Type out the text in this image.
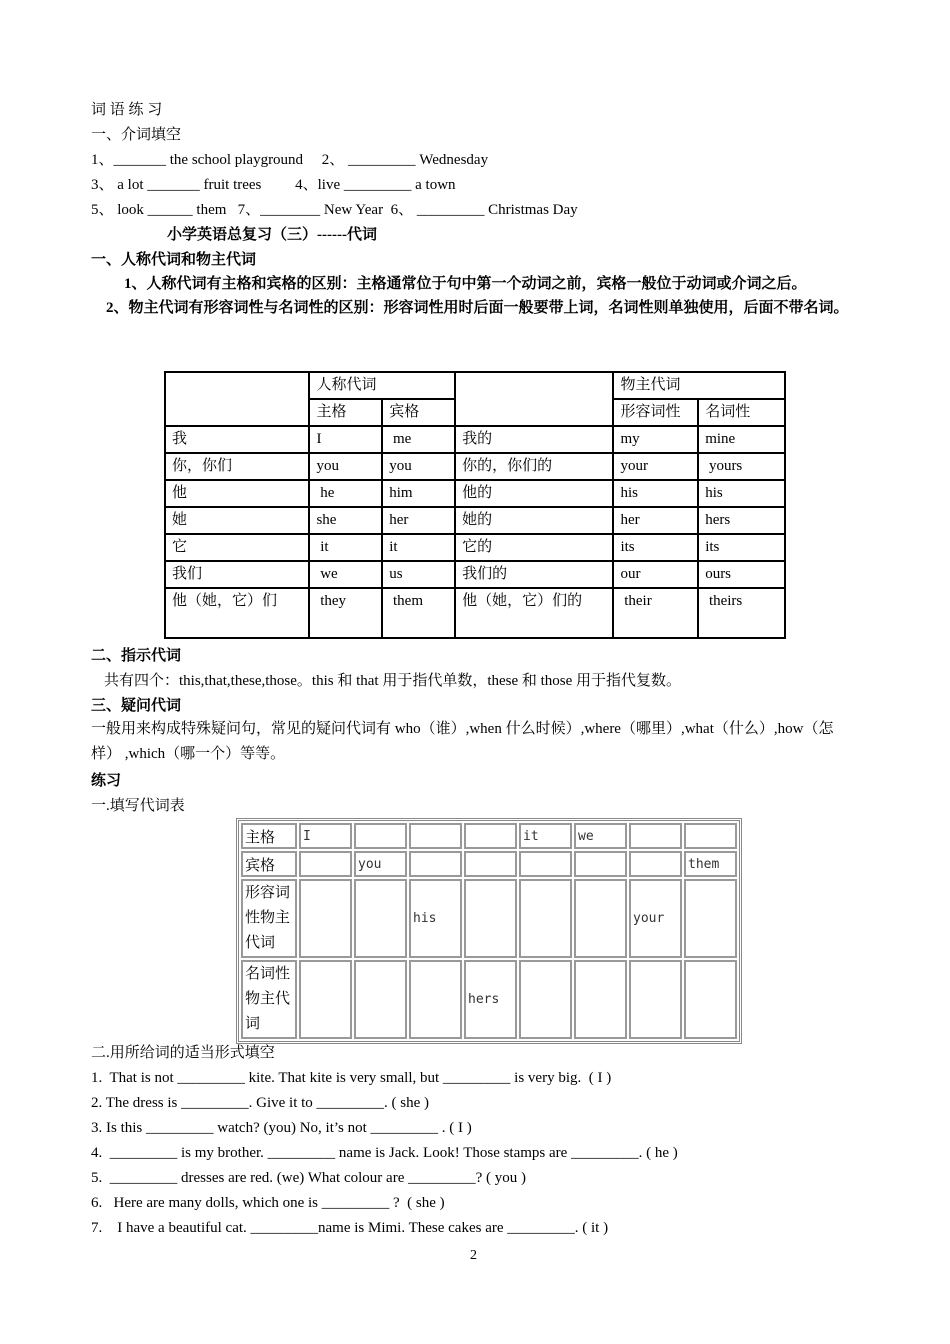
词 语 练 习
一、介词填空
1、_______ the school playground     2、 _________ Wednesday
3、 a lot _______ fruit trees         4、live _________ a town
5、 look ______ them   7、________ New Year  6、 _________ Christmas Day
小学英语总复习（三）------代词
一、人称代词和物主代词
1、人称代词有主格和宾格的区别：主格通常位于句中第一个动词之前，宾格一般位于动词或介词之后。
2、物主代词有形容词性与名词性的区别：形容词性用时后面一般要带上词，名词性则单独使用，后面不带名词。
	人称代词			物主代词	
	主格	宾格		形容词性	名词性
我	I	me	我的	my	mine
你，你们	you	you	你的，你们的	your	yours
他	he	him	他的	his	his
她	she	her	她的	her	hers
它	it	it	它的	its	its
我们	we	us	我们的	our	ours
他（她，它）们	they	them	他（她，它）们的	their	theirs
二、指示代词
共有四个：this,that,these,those。this 和 that 用于指代单数，these 和 those 用于指代复数。
三、疑问代词
一般用来构成特殊疑问句，常见的疑问代词有 who（谁）,when 什么时候）,where（哪里）,what（什么）,how（怎样） ,which（哪一个）等等。
练习
一.填写代词表
主格	I				it	we		
宾格		you						them
形容词性物主代词			his				your	
名词性物主代词				hers				
二.用所给词的适当形式填空
1.  That is not _________ kite. That kite is very small, but _________ is very big.  ( I )
2. The dress is _________. Give it to _________. ( she )
3. Is this _________ watch? (you) No, it’s not _________ . ( I )
4.  _________ is my brother. _________ name is Jack. Look! Those stamps are _________. ( he )
5.  _________ dresses are red. (we) What colour are _________? ( you )
6.   Here are many dolls, which one is _________ ?  ( she )
7.    I have a beautiful cat. _________name is Mimi. These cakes are _________. ( it )
2
